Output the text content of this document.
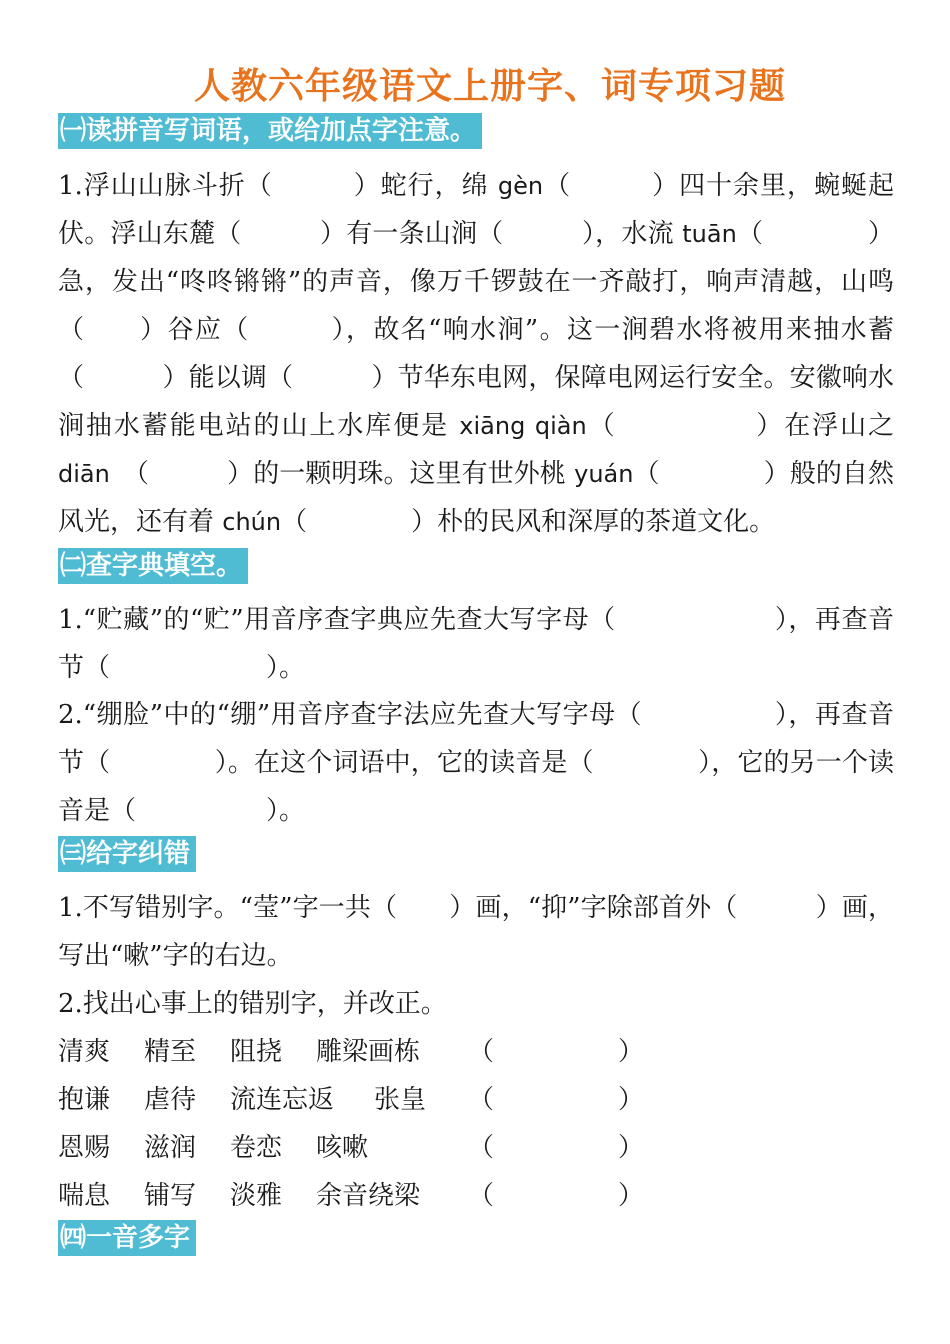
人教六年级语文上册字、词专项习题
㈠读拼音写词语，或给加点字注意。
1.浮山山脉斗折（　　　）蛇行，绵 gèn（　　　）四十余里，蜿蜒起伏。浮山东麓（　　　）有一条山涧（　　　），水流 tuān（　　　　）急，发出“咚咚锵锵”的声音，像万千锣鼓在一齐敲打，响声清越，山鸣（　　）谷应（　　　），故名“响水涧”。这一涧碧水将被用来抽水蓄（　　　）能以调（　　　）节华东电网，保障电网运行安全。安徽响水涧抽水蓄能电站的山上水库便是 xiāng qiàn（　　　　　）在浮山之 diān　（　　　）的一颗明珠。这里有世外桃 yuán（　　　　）般的自然风光，还有着 chún（　　　　）朴的民风和深厚的茶道文化。
㈡查字典填空。
1.“贮藏”的“贮”用音序查字典应先查大写字母（　　　　　　），再查音节（　　　　　　）。
2.“绷脸”中的“绷”用音序查字法应先查大写字母（　　　　　），再查音节（　　　　）。在这个词语中，它的读音是（　　　　），它的另一个读音是（　　　　　）。
㈢给字纠错
1.不写错别字。“莹”字一共（　　）画，“抑”字除部首外（　　　）画，写出“嗽”字的右边。
2.找出心事上的错别字，并改正。
清爽 精至 阻挠 雕梁画栋 （	）
抱谦 虐待 流连忘返 张皇 （	）
恩赐 滋润 卷恋 咳嗽	（	）
喘息 铺写 淡雅 余音绕梁 （	）
㈣一音多字
